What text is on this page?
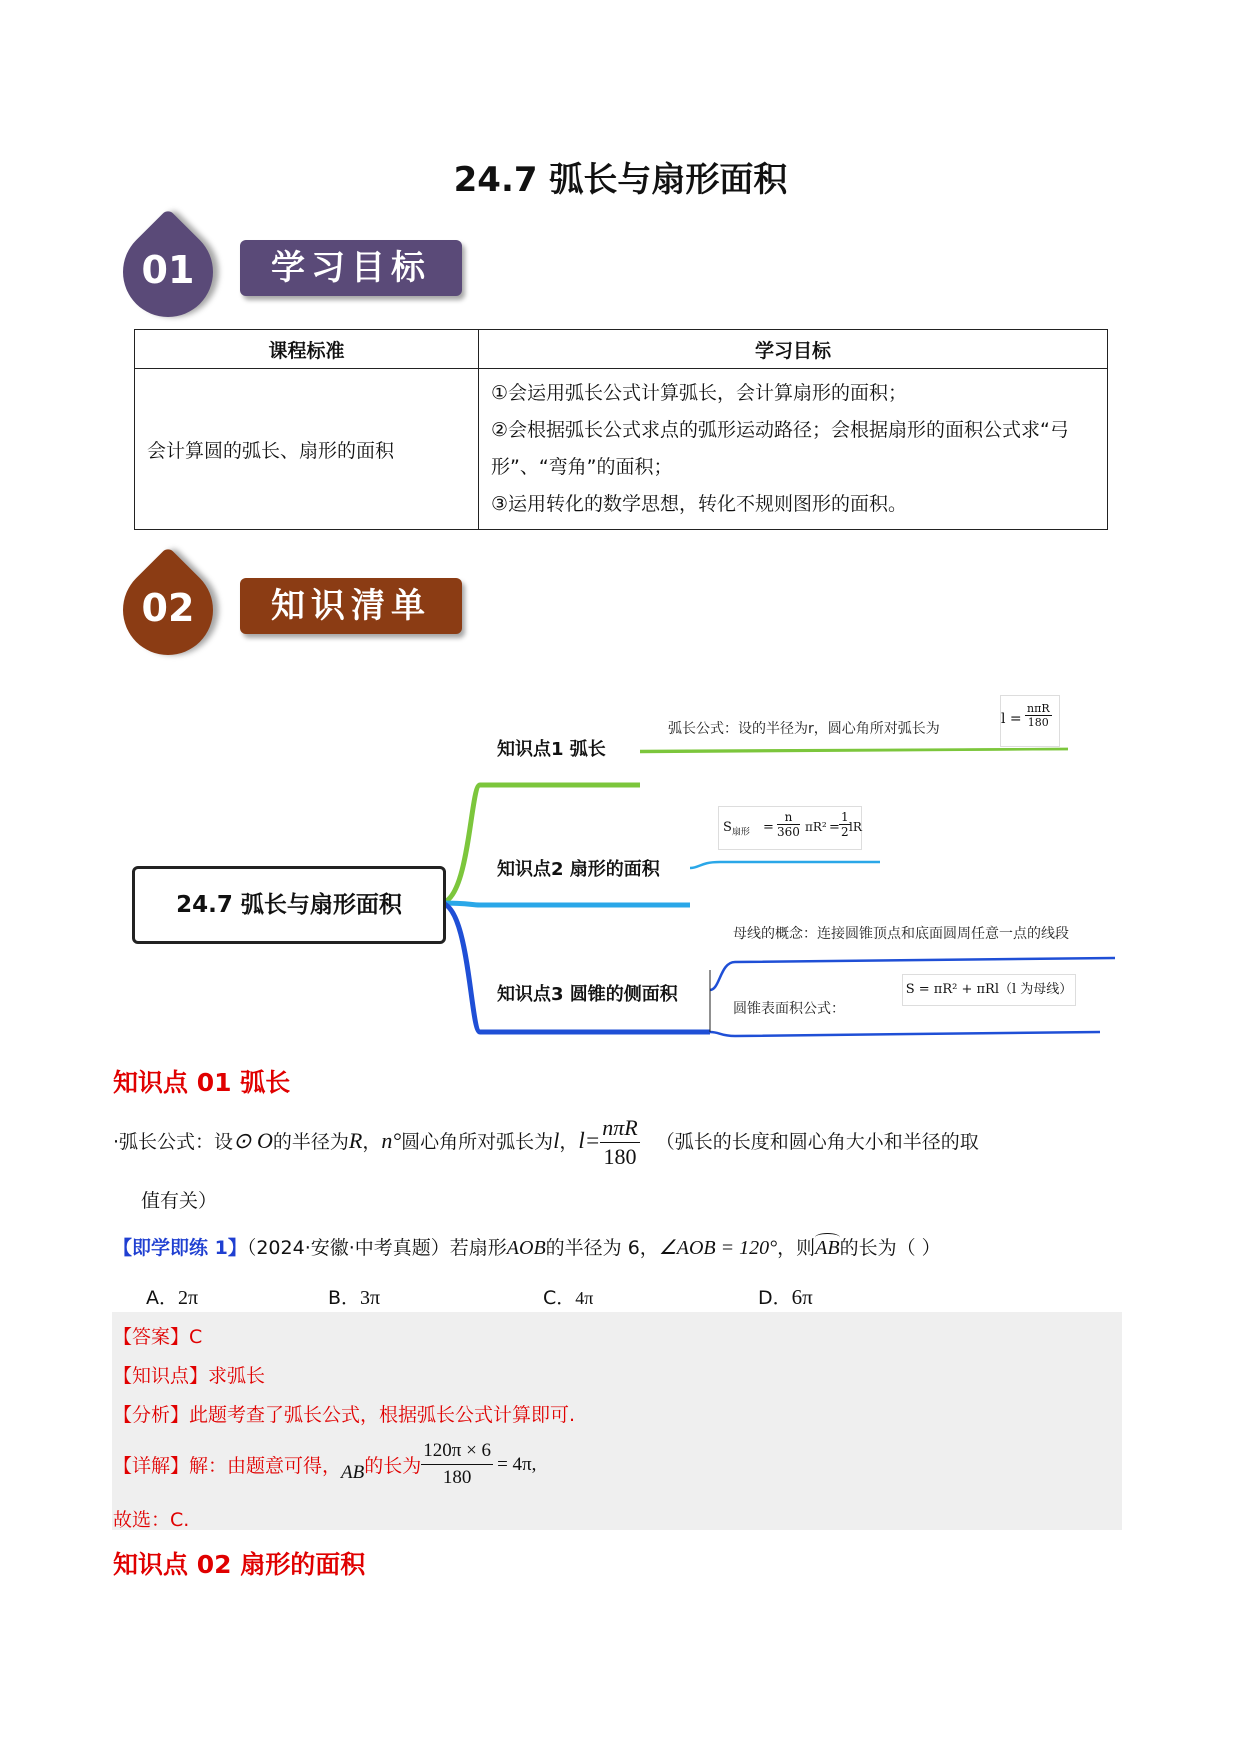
24.7 弧长与扇形面积
01	学习目标
课程标准	学习目标
会计算圆的弧长、扇形的面积	①会运用弧长公式计算弧长，会计算扇形的面积；
②会根据弧长公式求点的弧形运动路径；会根据扇形的面积公式求“弓形”、“弯角”的面积；
③运用转化的数学思想，转化不规则图形的面积。
02	知识清单
24.7 弧长与扇形面积
知识点1 弧长
知识点2 扇形的面积
知识点3 圆锥的侧面积
弧长公式：设的半径为r，圆心角所对弧长为
l =
nπR
180
$S_{扇形} = \frac{n}{360} \pi R^2 = \frac{1}{2}$
lR
母线的概念：连接圆锥顶点和底面圆周任意一点的线段
圆锥表面积公式：
S = πR² + πRl（l 为母线）
知识点 01 弧长
·弧长公式：设⊙ O的半径为R，n°圆心角所对弧长为l，$l= \frac{\text{nπR}}{180}$ （弧长的长度和圆心角大小和半径的取
值有关）
【即学即练 1】（2024·安徽·中考真题）若扇形AOB的半径为 6，∠AOB = 120°，则AB
的长为（ ）
A．2π	B．3π	C．4π	D．6π
【答案】C
【知识点】求弧长
【分析】此题考查了弧长公式，根据弧长公式计算即可.
【详解】解：由题意可得，AB的长为 $\frac{120\pi \times 6}{180} = 4\pi$,
故选：C.
知识点 02 扇形的面积
